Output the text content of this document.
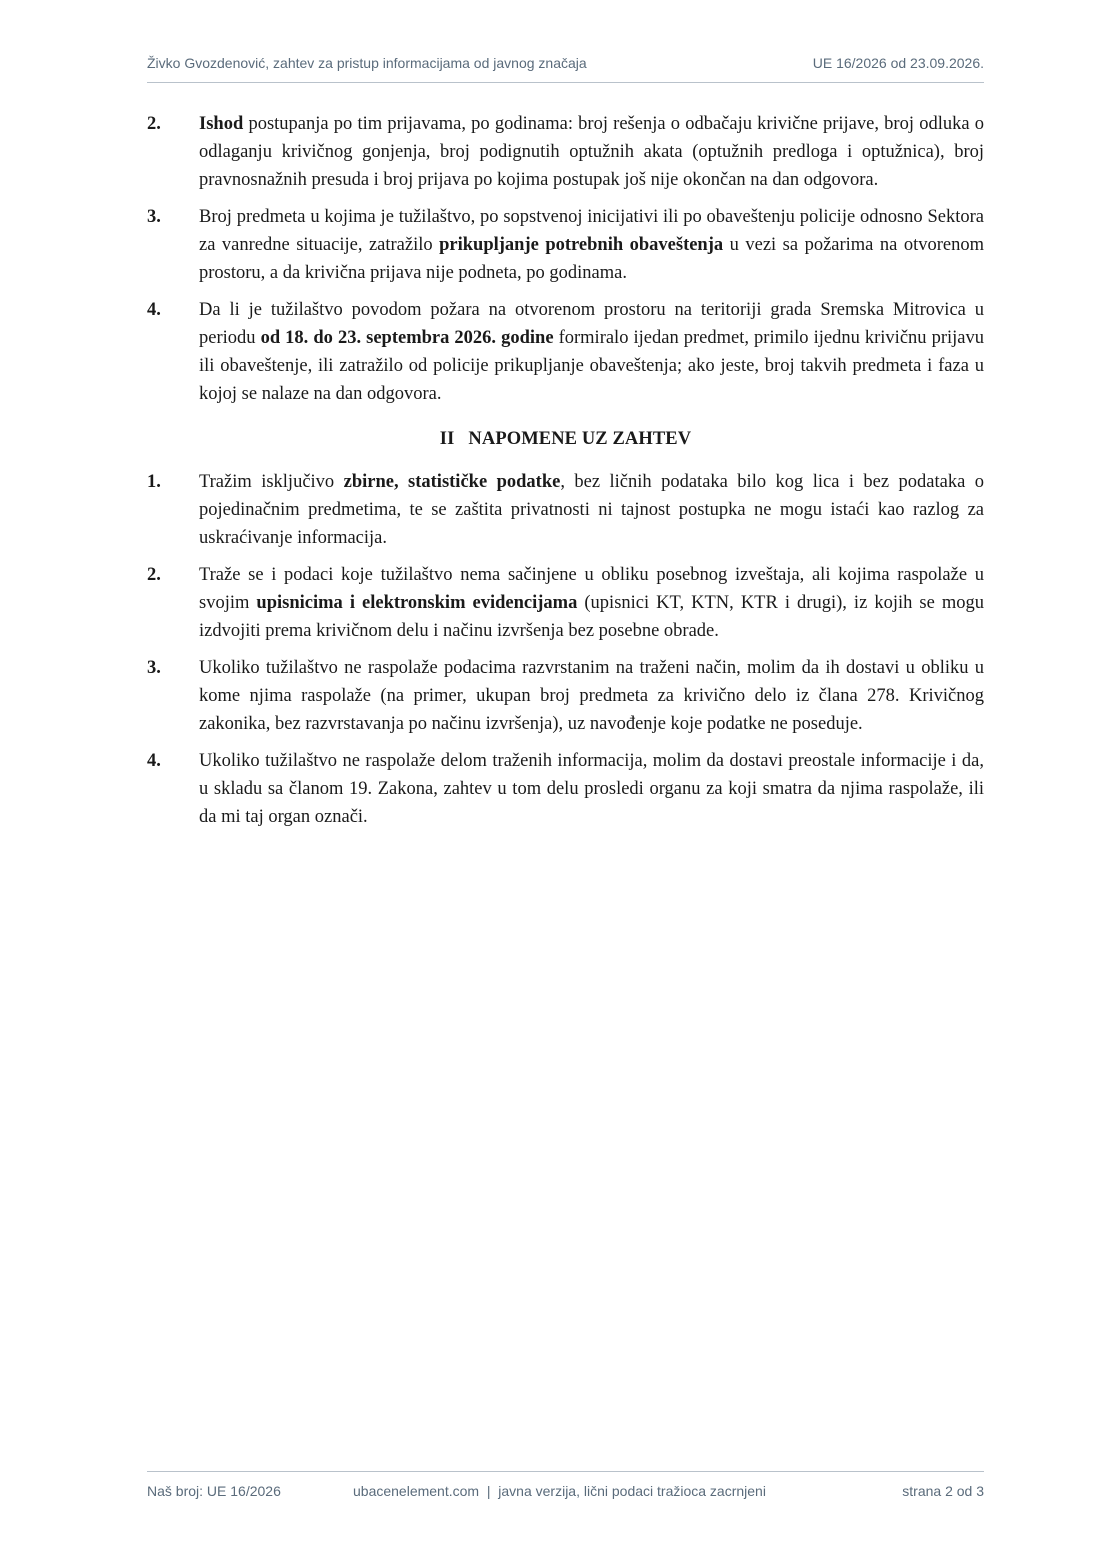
Živko Gvozdenović, zahtev za pristup informacijama od javnog značaja	UE 16/2026 od 23.09.2026.
2. Ishod postupanja po tim prijavama, po godinama: broj rešenja o odbačaju krivične prijave, broj odluka o odlaganju krivičnog gonjenja, broj podignutih optužnih akata (optužnih predloga i optužnica), broj pravnosnažnih presuda i broj prijava po kojima postupak još nije okončan na dan odgovora.

3. Broj predmeta u kojima je tužilaštvo, po sopstvenoj inicijativi ili po obaveštenju policije odnosno Sektora za vanredne situacije, zatražilo prikupljanje potrebnih obaveštenja u vezi sa požarima na otvorenom prostoru, a da krivična prijava nije podneta, po godinama.

4. Da li je tužilaštvo povodom požara na otvorenom prostoru na teritoriji grada Sremska Mitrovica u periodu od 18. do 23. septembra 2026. godine formiralo ijedan predmet, primilo ijednu krivičnu prijavu ili obaveštenje, ili zatražilo od policije prikupljanje obaveštenja; ako jeste, broj takvih predmeta i faza u kojoj se nalaze na dan odgovora.

II NAPOMENE UZ ZAHTEV
1. Tražim isključivo zbirne, statističke podatke, bez ličnih podataka bilo kog lica i bez podataka o pojedinačnim predmetima, te se zaštita privatnosti ni tajnost postupka ne mogu istaći kao razlog za uskraćivanje informacija.

2. Traže se i podaci koje tužilaštvo nema sačinjene u obliku posebnog izveštaja, ali kojima raspolaže u svojim upisnicima i elektronskim evidencijama (upisnici KT, KTN, KTR i drugi), iz kojih se mogu izdvojiti prema krivičnom delu i načinu izvršenja bez posebne obrade.

3. Ukoliko tužilaštvo ne raspolaže podacima razvrstanim na traženi način, molim da ih dostavi u obliku u kome njima raspolaže (na primer, ukupan broj predmeta za krivično delo iz člana 278. Krivičnog zakonika, bez razvrstavanja po načinu izvršenja), uz navođenje koje podatke ne poseduje.

4. Ukoliko tužilaštvo ne raspolaže delom traženih informacija, molim da dostavi preostale informacije i da, u skladu sa članom 19. Zakona, zahtev u tom delu prosledi organu za koji smatra da njima raspolaže, ili da mi taj organ označi.

Naš broj: UE 16/2026	ubacenelement.com  |  javna verzija, lični podaci tražioca zacrnjeni	strana 2 od 3
